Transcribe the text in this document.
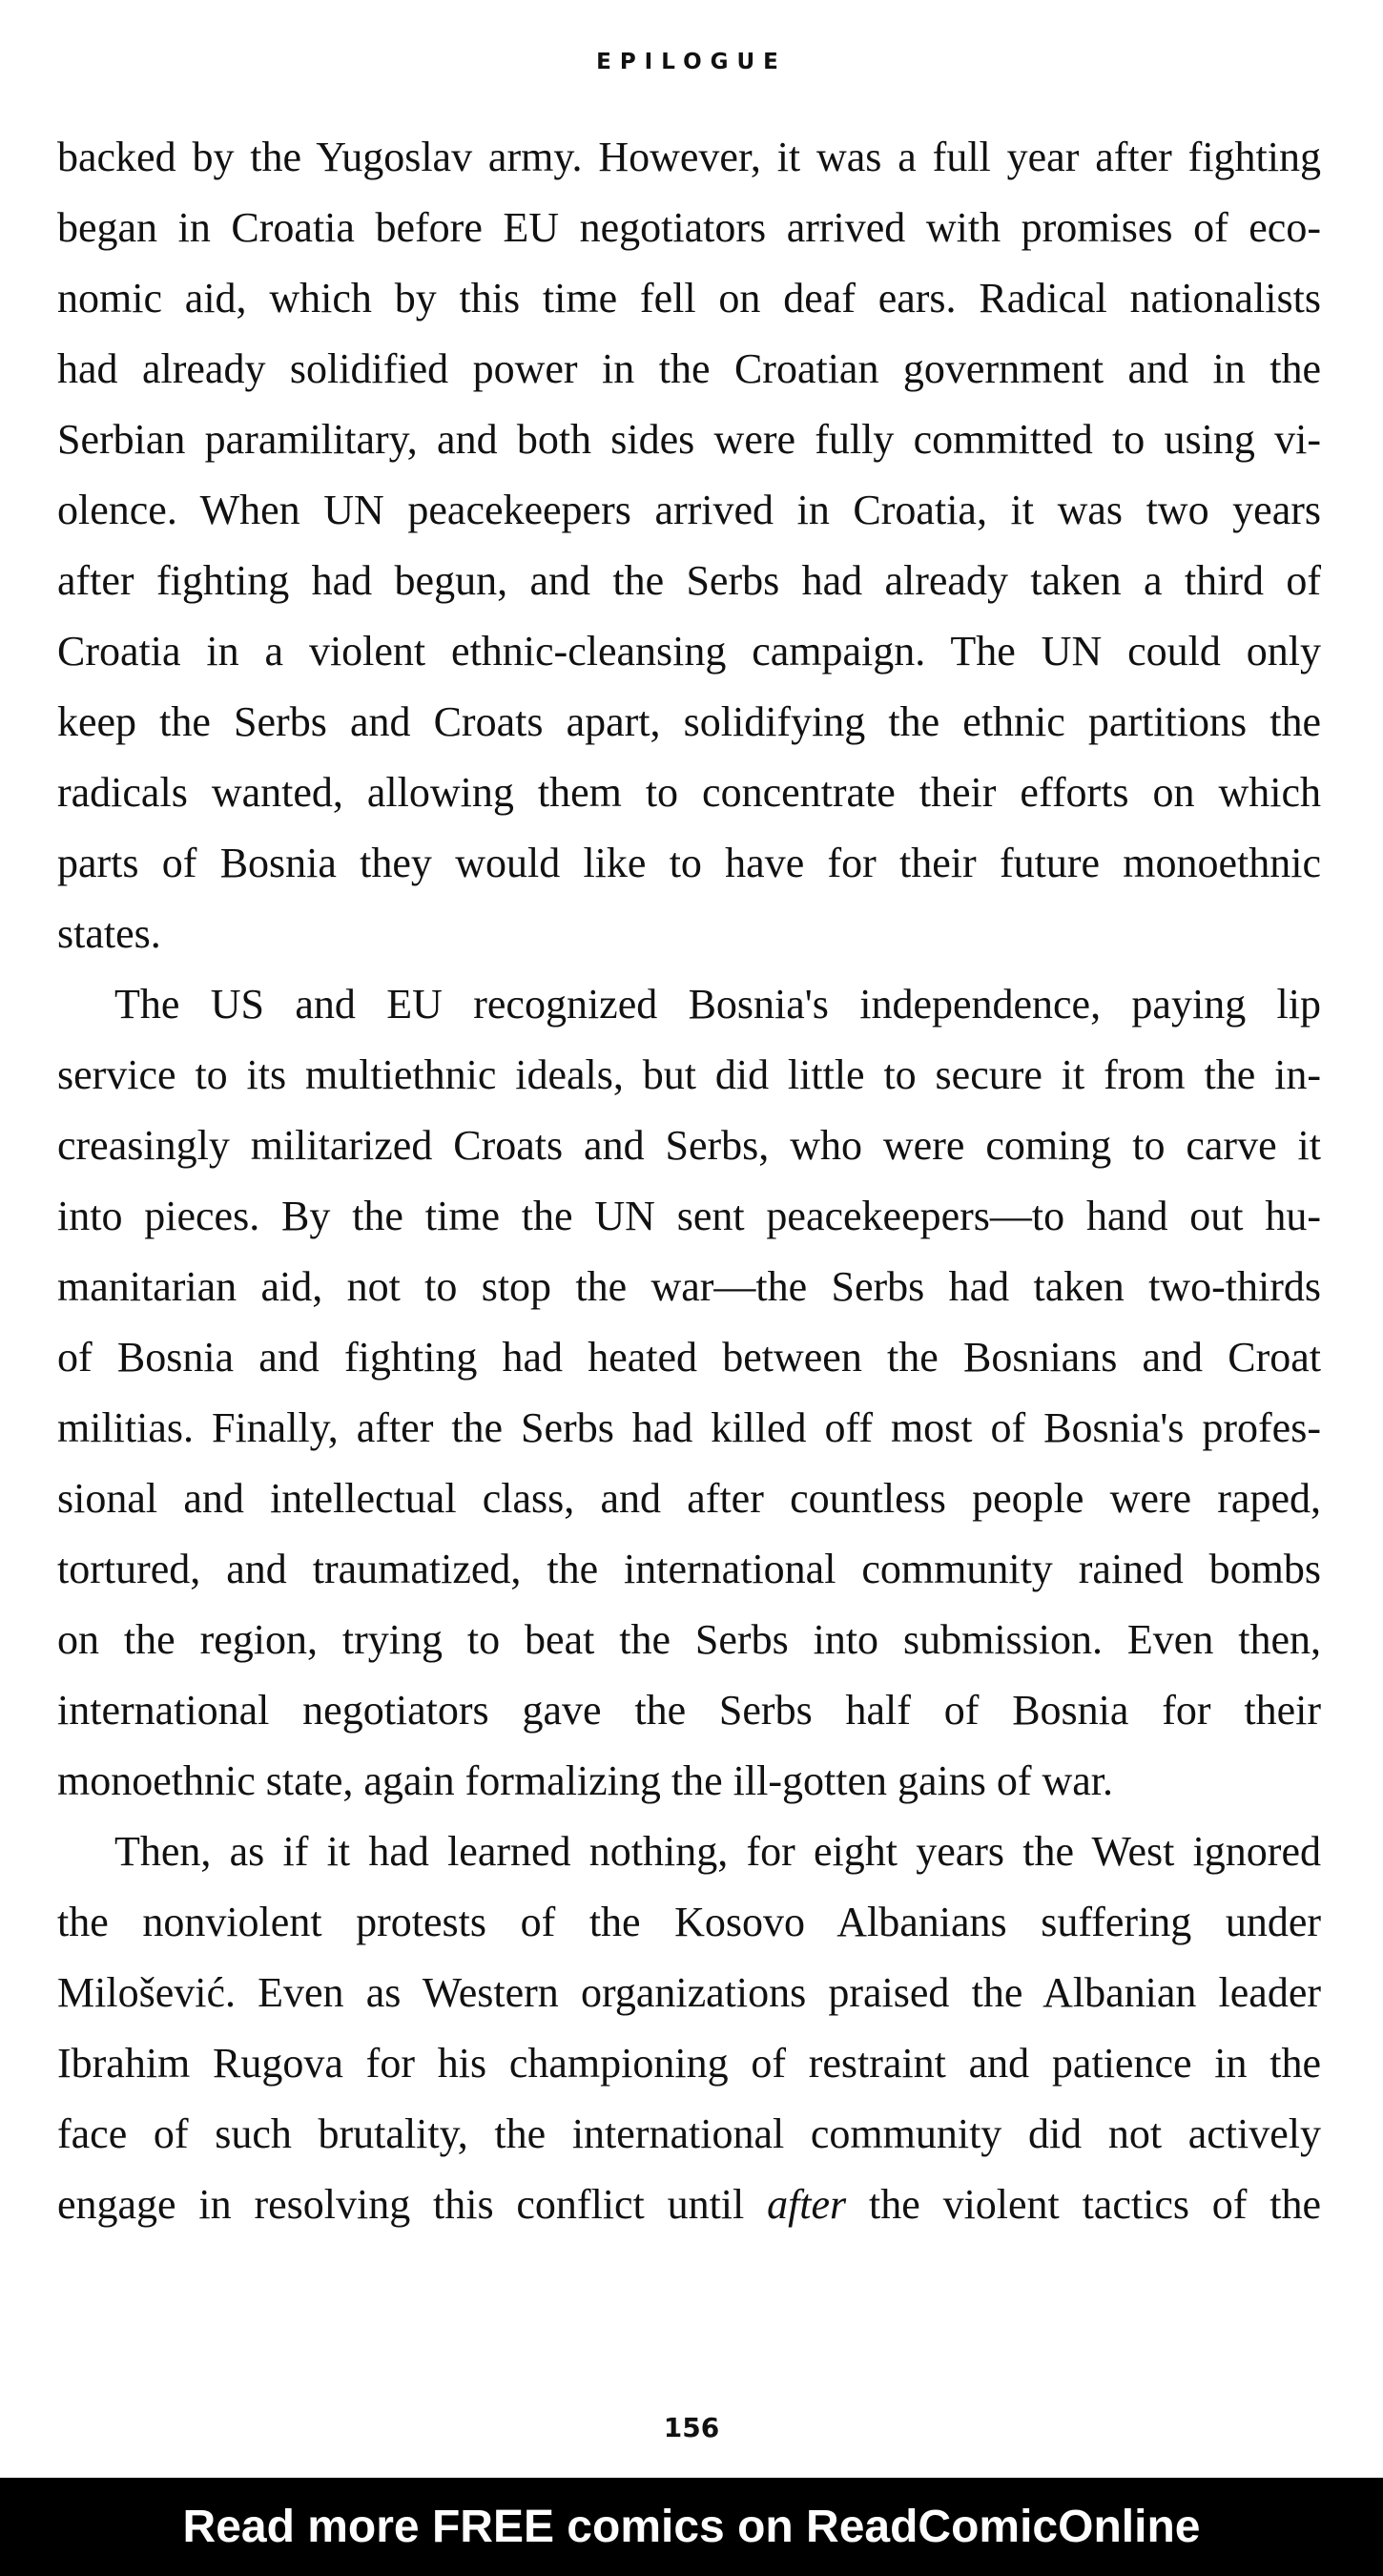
EPILOGUE
backed by the Yugoslav army. However, it was a full year after fighting
began in Croatia before EU negotiators arrived with promises of eco-
nomic aid, which by this time fell on deaf ears. Radical nationalists
had already solidified power in the Croatian government and in the
Serbian paramilitary, and both sides were fully committed to using vi-
olence. When UN peacekeepers arrived in Croatia, it was two years
after fighting had begun, and the Serbs had already taken a third of
Croatia in a violent ethnic-cleansing campaign. The UN could only
keep the Serbs and Croats apart, solidifying the ethnic partitions the
radicals wanted, allowing them to concentrate their efforts on which
parts of Bosnia they would like to have for their future monoethnic
states.
The US and EU recognized Bosnia's independence, paying lip
service to its multiethnic ideals, but did little to secure it from the in-
creasingly militarized Croats and Serbs, who were coming to carve it
into pieces. By the time the UN sent peacekeepers—to hand out hu-
manitarian aid, not to stop the war—the Serbs had taken two-thirds
of Bosnia and fighting had heated between the Bosnians and Croat
militias. Finally, after the Serbs had killed off most of Bosnia's profes-
sional and intellectual class, and after countless people were raped,
tortured, and traumatized, the international community rained bombs
on the region, trying to beat the Serbs into submission. Even then,
international negotiators gave the Serbs half of Bosnia for their
monoethnic state, again formalizing the ill-gotten gains of war.
Then, as if it had learned nothing, for eight years the West ignored
the nonviolent protests of the Kosovo Albanians suffering under
Milošević. Even as Western organizations praised the Albanian leader
Ibrahim Rugova for his championing of restraint and patience in the
face of such brutality, the international community did not actively
engage in resolving this conflict until after the violent tactics of the
156
Read more FREE comics on ReadComicOnline
